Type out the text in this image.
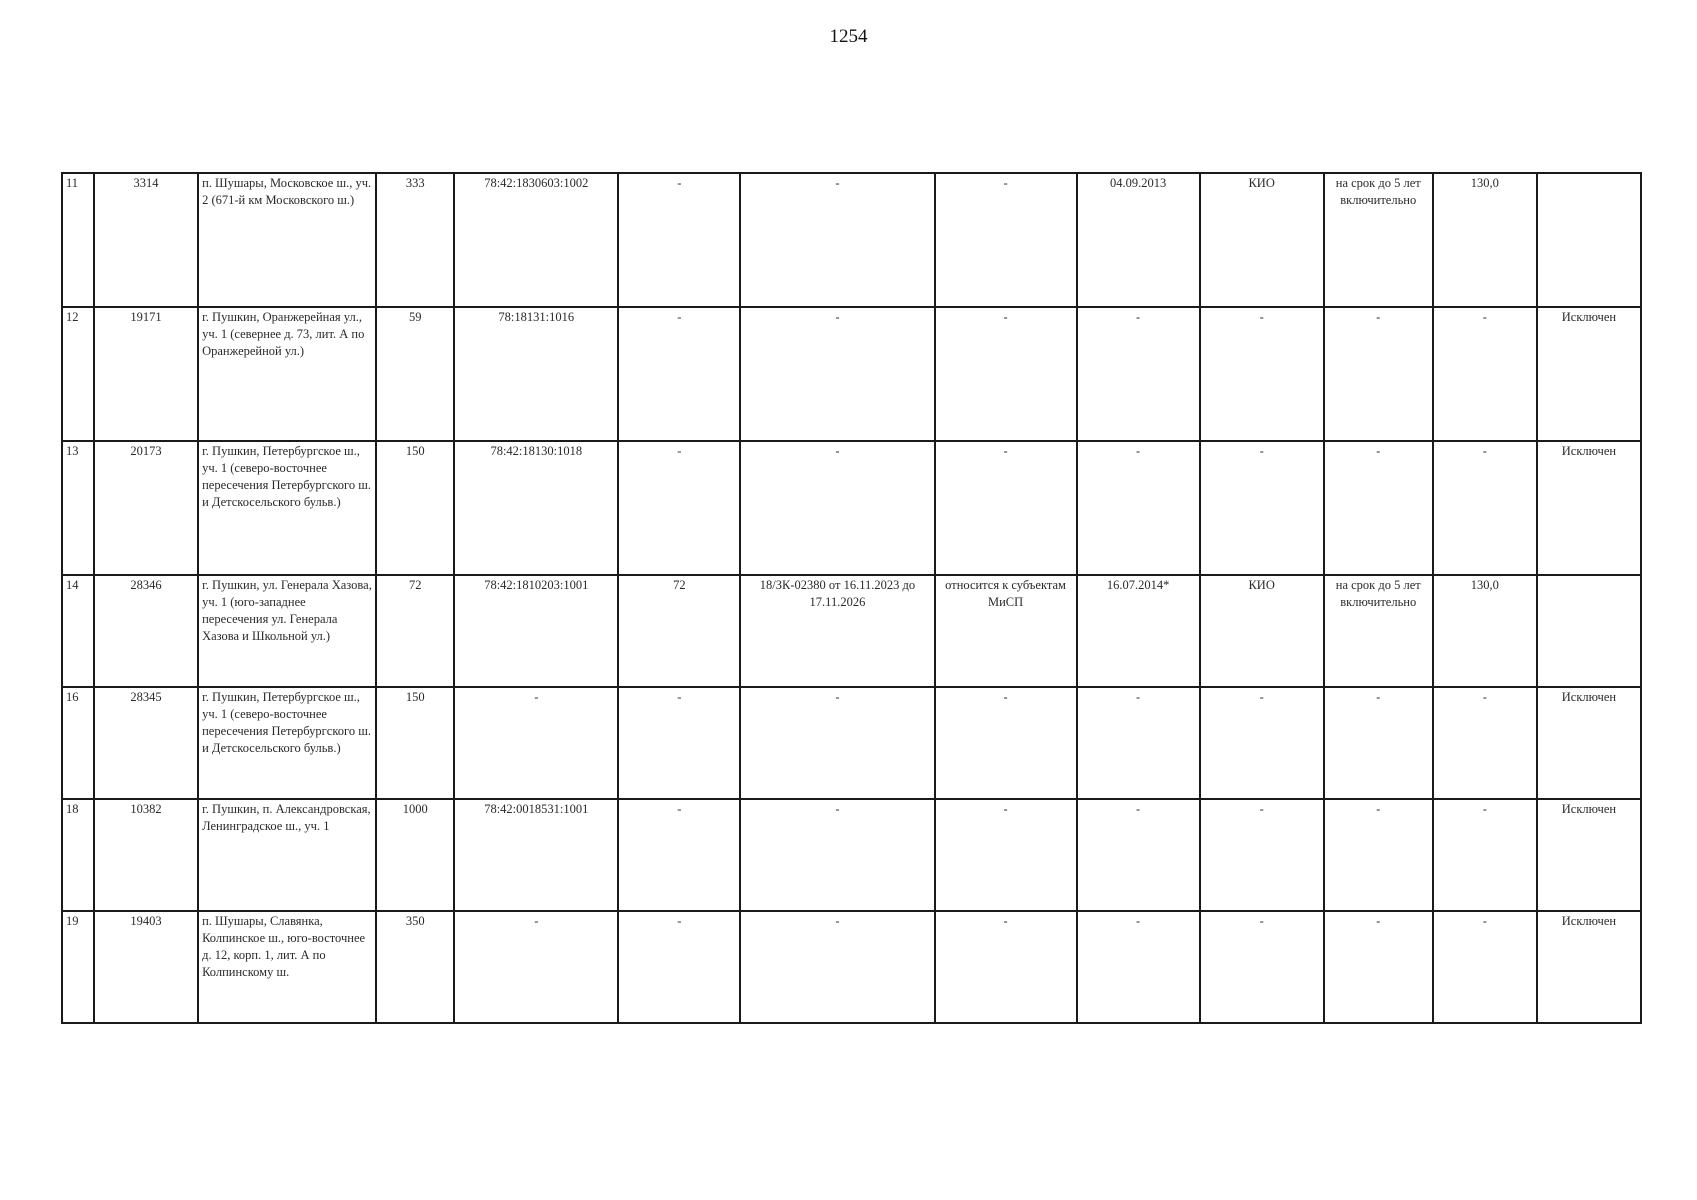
1254
11	3314	п. Шушары, Московское ш., уч. 2 (671-й км Московского ш.)	333	78:42:1830603:1002	-	-	-	04.09.2013	КИО	на срок до 5 лет включительно	130,0	
12	19171	г. Пушкин, Оранжерейная ул., уч. 1 (севернее д. 73, лит. А по Оранжерейной ул.)	59	78:18131:1016	-	-	-	-	-	-	-	Исключен
13	20173	г. Пушкин, Петербургское ш., уч. 1 (северо-восточнее пересечения Петербургского ш. и Детскосельского бульв.)	150	78:42:18130:1018	-	-	-	-	-	-	-	Исключен
14	28346	г. Пушкин, ул. Генерала Хазова, уч. 1 (юго-западнее пересечения ул. Генерала Хазова и Школьной ул.)	72	78:42:1810203:1001	72	18/ЗК-02380 от 16.11.2023 до 17.11.2026	относится к субъектам МиСП	16.07.2014*	КИО	на срок до 5 лет включительно	130,0	
16	28345	г. Пушкин, Петербургское ш., уч. 1 (северо-восточнее пересечения Петербургского ш. и Детскосельского бульв.)	150	-	-	-	-	-	-	-	-	Исключен
18	10382	г. Пушкин, п. Александровская, Ленинградское ш., уч. 1	1000	78:42:0018531:1001	-	-	-	-	-	-	-	Исключен
19	19403	п. Шушары, Славянка, Колпинское ш., юго-восточнее д. 12, корп. 1, лит. А по Колпинскому ш.	350	-	-	-	-	-	-	-	-	Исключен
